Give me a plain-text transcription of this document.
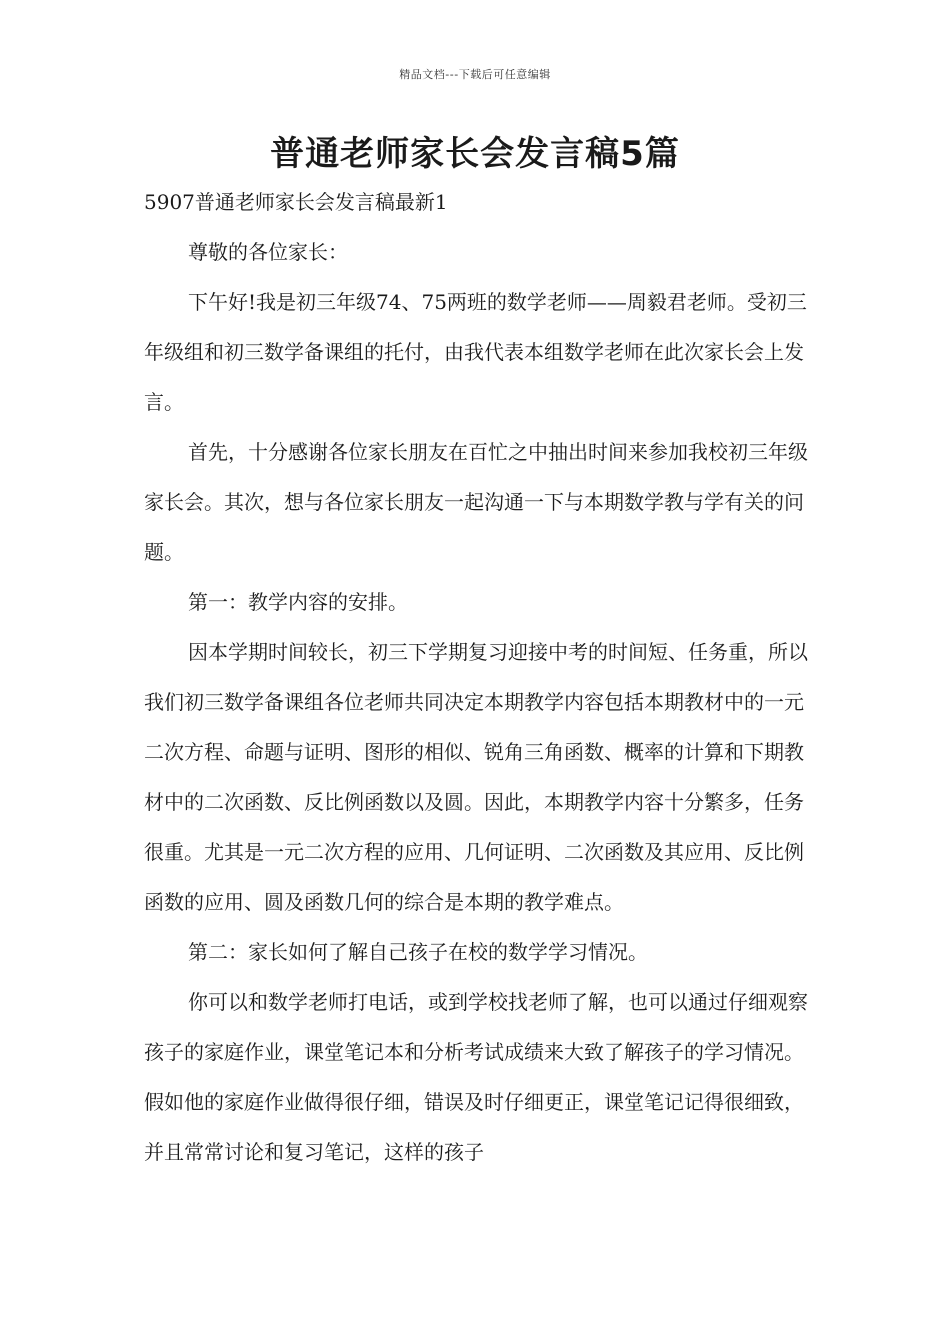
精品文档---下载后可任意编辑
普通老师家长会发言稿5篇
5907普通老师家长会发言稿最新1

尊敬的各位家长：

下午好!我是初三年级74、75两班的数学老师——周毅君老师。受初三年级组和初三数学备课组的托付，由我代表本组数学老师在此次家长会上发言。

首先，十分感谢各位家长朋友在百忙之中抽出时间来参加我校初三年级家长会。其次，想与各位家长朋友一起沟通一下与本期数学教与学有关的问题。

第一：教学内容的安排。

因本学期时间较长，初三下学期复习迎接中考的时间短、任务重，所以我们初三数学备课组各位老师共同决定本期教学内容包括本期教材中的一元二次方程、命题与证明、图形的相似、锐角三角函数、概率的计算和下期教材中的二次函数、反比例函数以及圆。因此，本期教学内容十分繁多，任务很重。尤其是一元二次方程的应用、几何证明、二次函数及其应用、反比例函数的应用、圆及函数几何的综合是本期的教学难点。

第二：家长如何了解自己孩子在校的数学学习情况。

你可以和数学老师打电话，或到学校找老师了解，也可以通过仔细观察孩子的家庭作业，课堂笔记本和分析考试成绩来大致了解孩子的学习情况。假如他的家庭作业做得很仔细，错误及时仔细更正，课堂笔记记得很细致，并且常常讨论和复习笔记，这样的孩子
